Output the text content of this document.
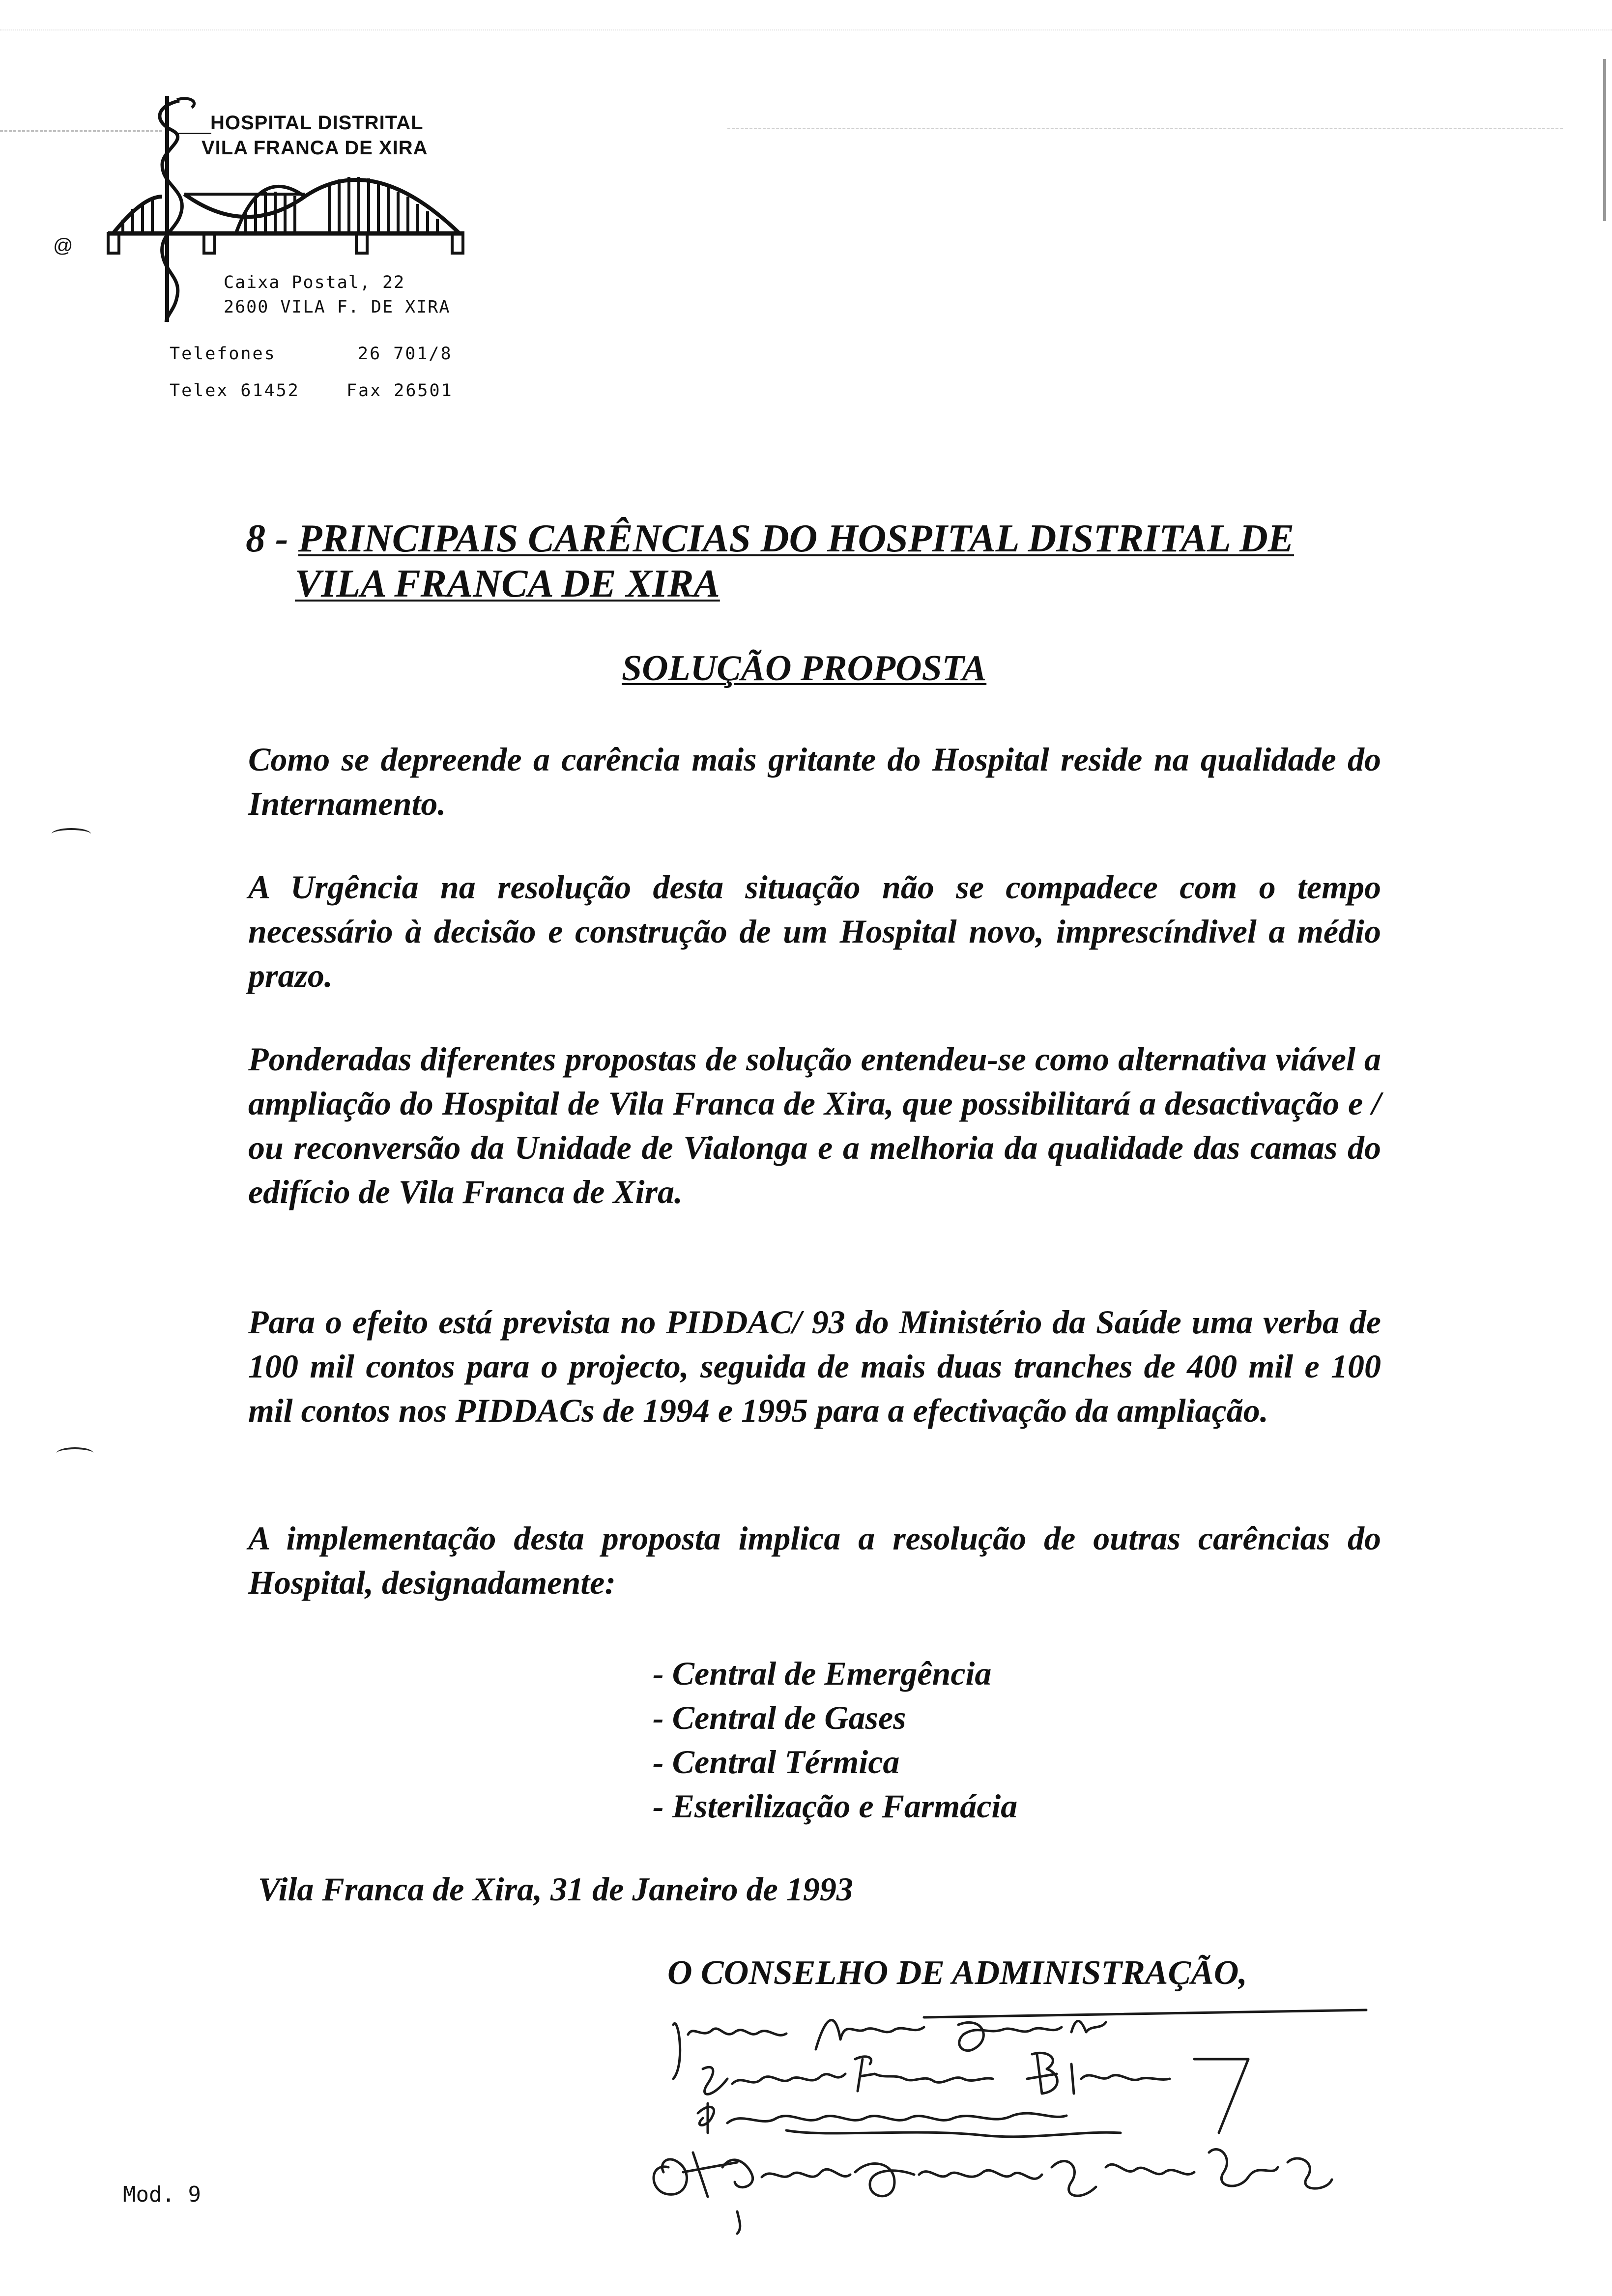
@
HOSPITAL DISTRITAL
VILA FRANCA DE XIRA
Caixa Postal, 22
2600 VILA F. DE XIRA
Telefones	26 701/8
Telex 61452	Fax 26501
8 - PRINCIPAIS CARÊNCIAS DO HOSPITAL DISTRITAL DE
VILA FRANCA DE XIRA
SOLUÇÃO PROPOSTA
Como se depreende a carência mais gritante do Hospital reside na qualidade do Internamento.
A Urgência na resolução desta situação não se compadece com o tempo necessário à decisão e construção de um Hospital novo, imprescíndivel a médio prazo.
Ponderadas diferentes propostas de solução entendeu-se como alternativa viável a ampliação do Hospital de Vila Franca de Xira, que possibilitará a desactivação e / ou reconversão da Unidade de Vialonga e a melhoria da qualidade das camas do edifício de Vila Franca de Xira.
Para o efeito está prevista no PIDDAC/ 93 do Ministério da Saúde uma verba de 100 mil contos para o projecto, seguida de mais duas tranches de 400 mil e 100 mil contos nos PIDDACs de 1994 e 1995 para a efectivação da ampliação.
A implementação desta proposta implica a resolução de outras carências do Hospital, designadamente:
- Central de Emergência
- Central de Gases
- Central Térmica
- Esterilização e Farmácia
Vila Franca de Xira, 31 de Janeiro de 1993
O CONSELHO DE ADMINISTRAÇÃO,
Mod. 9
